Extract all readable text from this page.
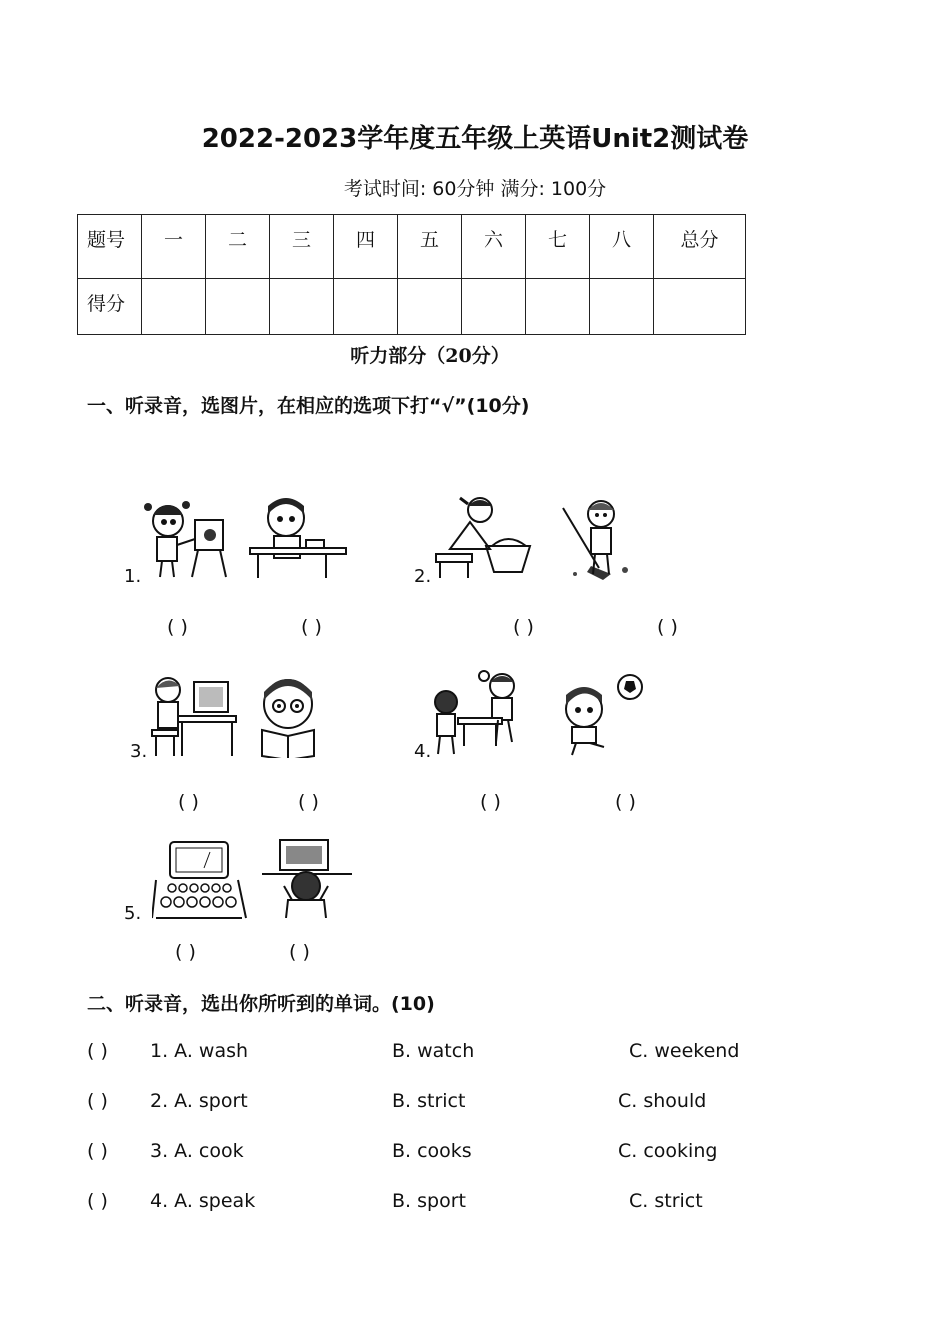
2022-2023学年度五年级上英语Unit2测试卷
考试时间: 60分钟 满分: 100分
题号	一	二	三	四	五	六	七	八	总分
得分									
听力部分（20分）
一、听录音，选图片，在相应的选项下打“√”(10分)
1.
( )	( )
2.
( )	( )
3.
( )	( )
4.
( )	( )
5.
( )	( )
二、听录音，选出你所听到的单词。(10)
( ) 1. A. wash	B. watch	C. weekend
( ) 2. A. sport	B. strict	C. should
( ) 3. A. cook	B. cooks	C. cooking
( ) 4. A. speak	B. sport	C. strict
